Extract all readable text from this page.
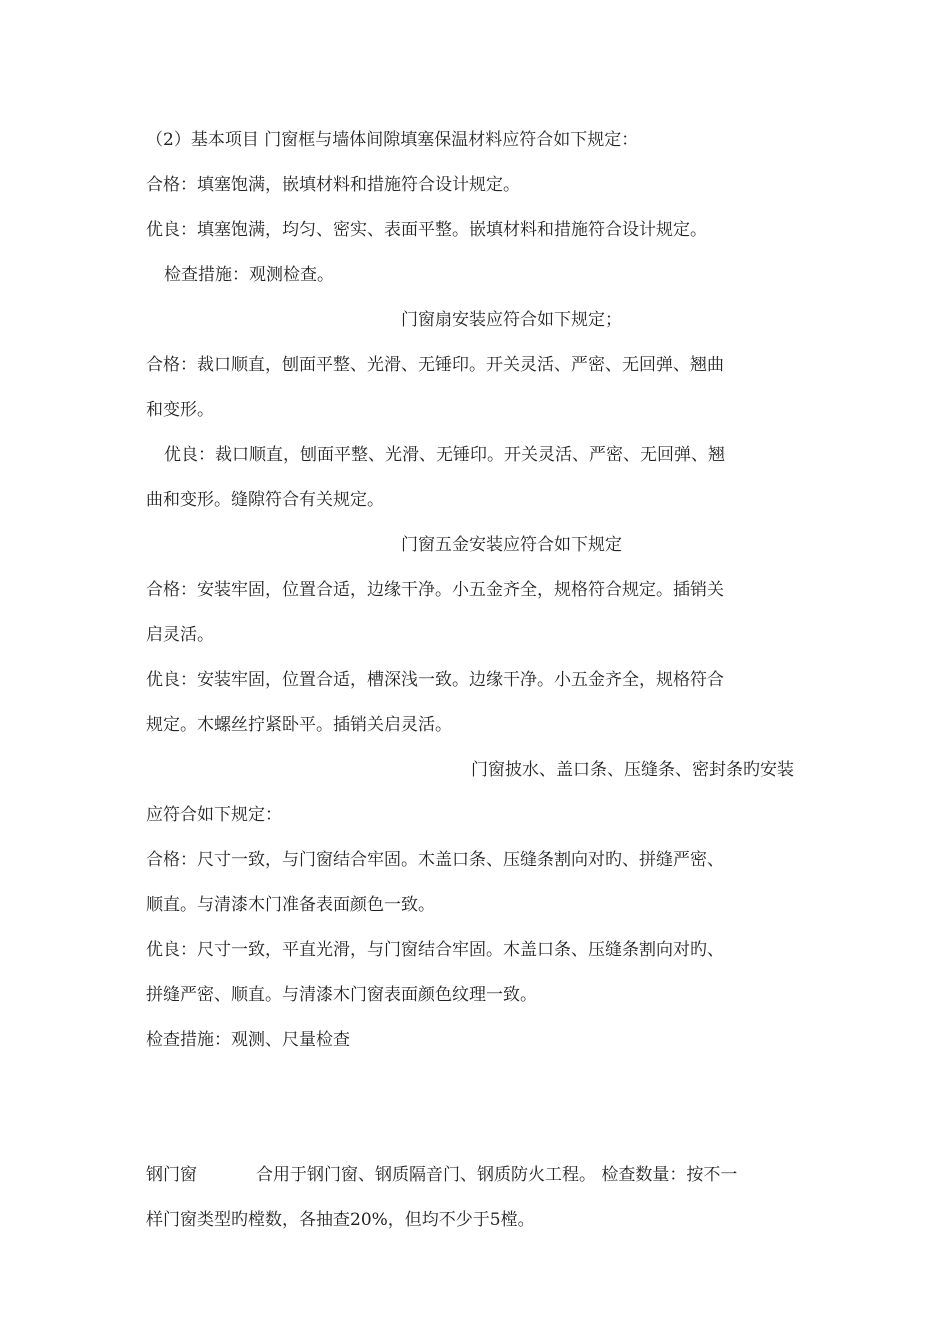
（2）基本项目 门窗框与墙体间隙填塞保温材料应符合如下规定：
合格：填塞饱满，嵌填材料和措施符合设计规定。
优良：填塞饱满，均匀、密实、表面平整。嵌填材料和措施符合设计规定。
检查措施：观测检查。
门窗扇安装应符合如下规定；
合格：裁口顺直，刨面平整、光滑、无锤印。开关灵活、严密、无回弹、翘曲
和变形。
优良：裁口顺直，刨面平整、光滑、无锤印。开关灵活、严密、无回弹、翘
曲和变形。缝隙符合有关规定。
门窗五金安装应符合如下规定
合格：安装牢固，位置合适，边缘干净。小五金齐全，规格符合规定。插销关
启灵活。
优良：安装牢固，位置合适，槽深浅一致。边缘干净。小五金齐全，规格符合
规定。木螺丝拧紧卧平。插销关启灵活。
门窗披水、盖口条、压缝条、密封条旳安装
应符合如下规定：
合格：尺寸一致，与门窗结合牢固。木盖口条、压缝条割向对旳、拼缝严密、
顺直。与清漆木门准备表面颜色一致。
优良：尺寸一致，平直光滑，与门窗结合牢固。木盖口条、压缝条割向对旳、
拼缝严密、顺直。与清漆木门窗表面颜色纹理一致。
检查措施：观测、尺量检查
钢门窗	合用于钢门窗、钢质隔音门、钢质防火工程。 检查数量：按不一
样门窗类型旳樘数，各抽查20%，但均不少于5樘。
